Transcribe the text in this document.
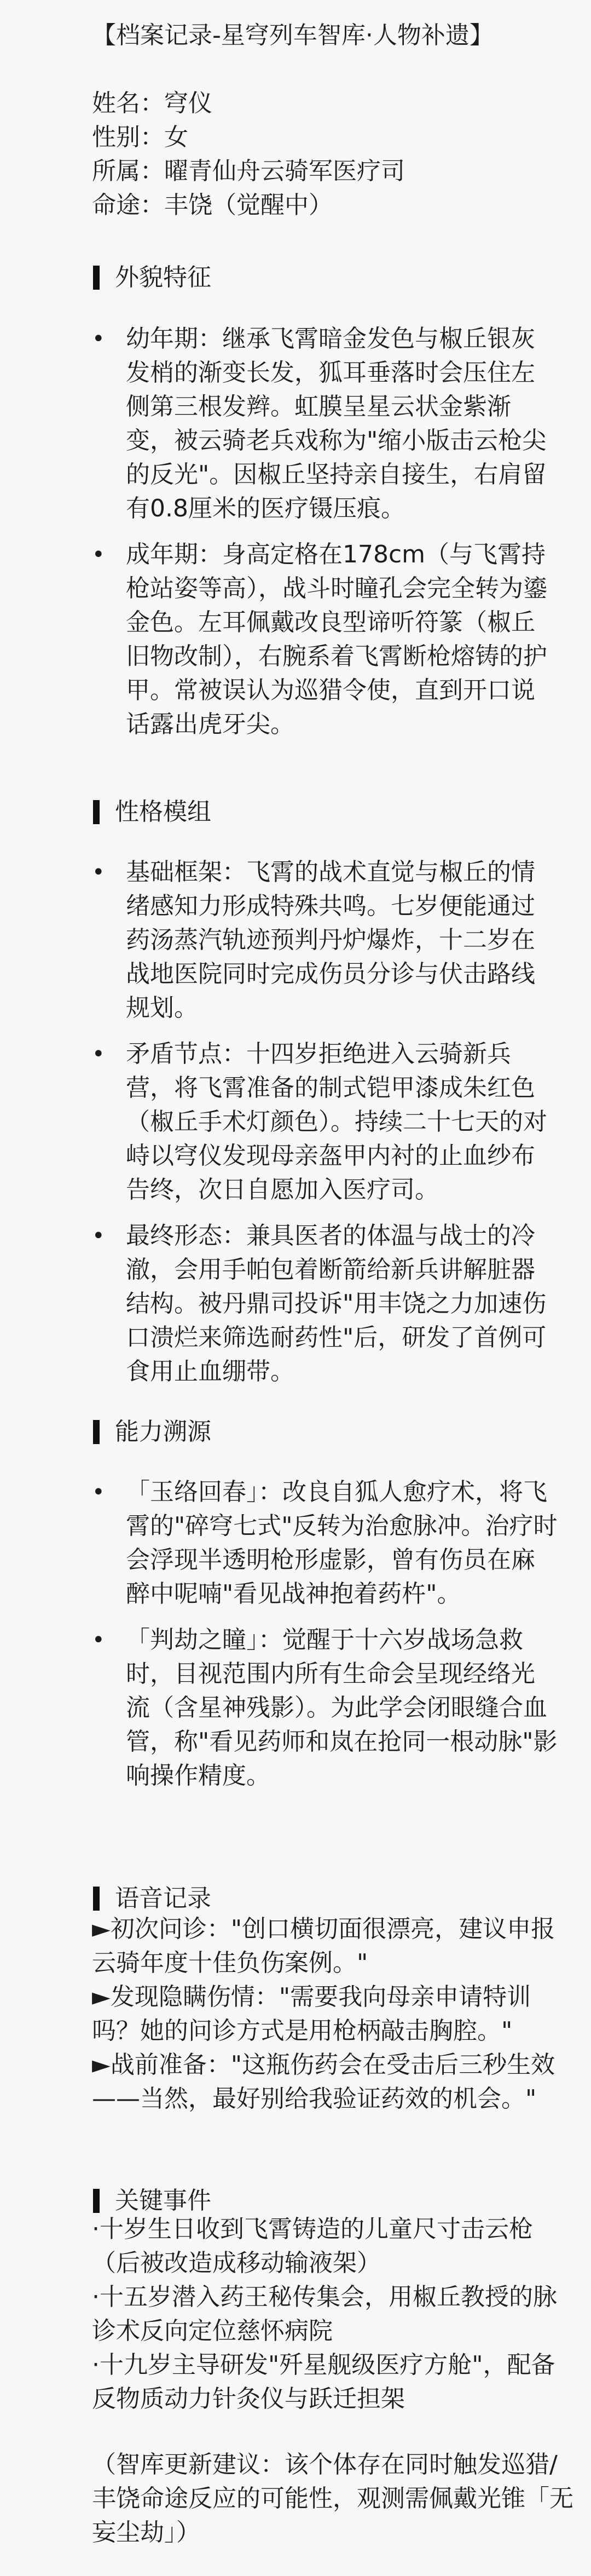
【档案记录-星穹列车智库·人物补遗】
姓名：穹仪
性别：女
所属：曜青仙舟云骑军医疗司
命途：丰饶（觉醒中）
外貌特征
• 幼年期：继承飞霄暗金发色与椒丘银灰发梢的渐变长发，狐耳垂落时会压住左侧第三根发辫。虹膜呈星云状金紫渐变，被云骑老兵戏称为"缩小版击云枪尖的反光"。因椒丘坚持亲自接生，右肩留有0.8厘米的医疗镊压痕。
• 成年期：身高定格在178cm（与飞霄持枪站姿等高），战斗时瞳孔会完全转为鎏金色。左耳佩戴改良型谛听符篆（椒丘旧物改制），右腕系着飞霄断枪熔铸的护甲。常被误认为巡猎令使，直到开口说话露出虎牙尖。
性格模组
• 基础框架：飞霄的战术直觉与椒丘的情绪感知力形成特殊共鸣。七岁便能通过药汤蒸汽轨迹预判丹炉爆炸，十二岁在战地医院同时完成伤员分诊与伏击路线规划。
• 矛盾节点：十四岁拒绝进入云骑新兵营，将飞霄准备的制式铠甲漆成朱红色（椒丘手术灯颜色）。持续二十七天的对峙以穹仪发现母亲盔甲内衬的止血纱布告终，次日自愿加入医疗司。
• 最终形态：兼具医者的体温与战士的冷澈，会用手帕包着断箭给新兵讲解脏器结构。被丹鼎司投诉"用丰饶之力加速伤口溃烂来筛选耐药性"后，研发了首例可食用止血绷带。
能力溯源
• 「玉络回春」：改良自狐人愈疗术，将飞霄的"碎穹七式"反转为治愈脉冲。治疗时会浮现半透明枪形虚影，曾有伤员在麻醉中呢喃"看见战神抱着药杵"。
• 「判劫之瞳」：觉醒于十六岁战场急救时，目视范围内所有生命会呈现经络光流（含星神残影）。为此学会闭眼缝合血管，称"看见药师和岚在抢同一根动脉"影响操作精度。
语音记录
►初次问诊："创口横切面很漂亮，建议申报云骑年度十佳负伤案例。"
►发现隐瞒伤情："需要我向母亲申请特训吗？她的问诊方式是用枪柄敲击胸腔。"
►战前准备："这瓶伤药会在受击后三秒生效——当然，最好别给我验证药效的机会。"
关键事件
·十岁生日收到飞霄铸造的儿童尺寸击云枪（后被改造成移动输液架）
·十五岁潜入药王秘传集会，用椒丘教授的脉诊术反向定位慈怀病院
·十九岁主导研发"歼星舰级医疗方舱"，配备反物质动力针灸仪与跃迁担架
（智库更新建议：该个体存在同时触发巡猎/丰饶命途反应的可能性，观测需佩戴光锥「无妄尘劫」）
